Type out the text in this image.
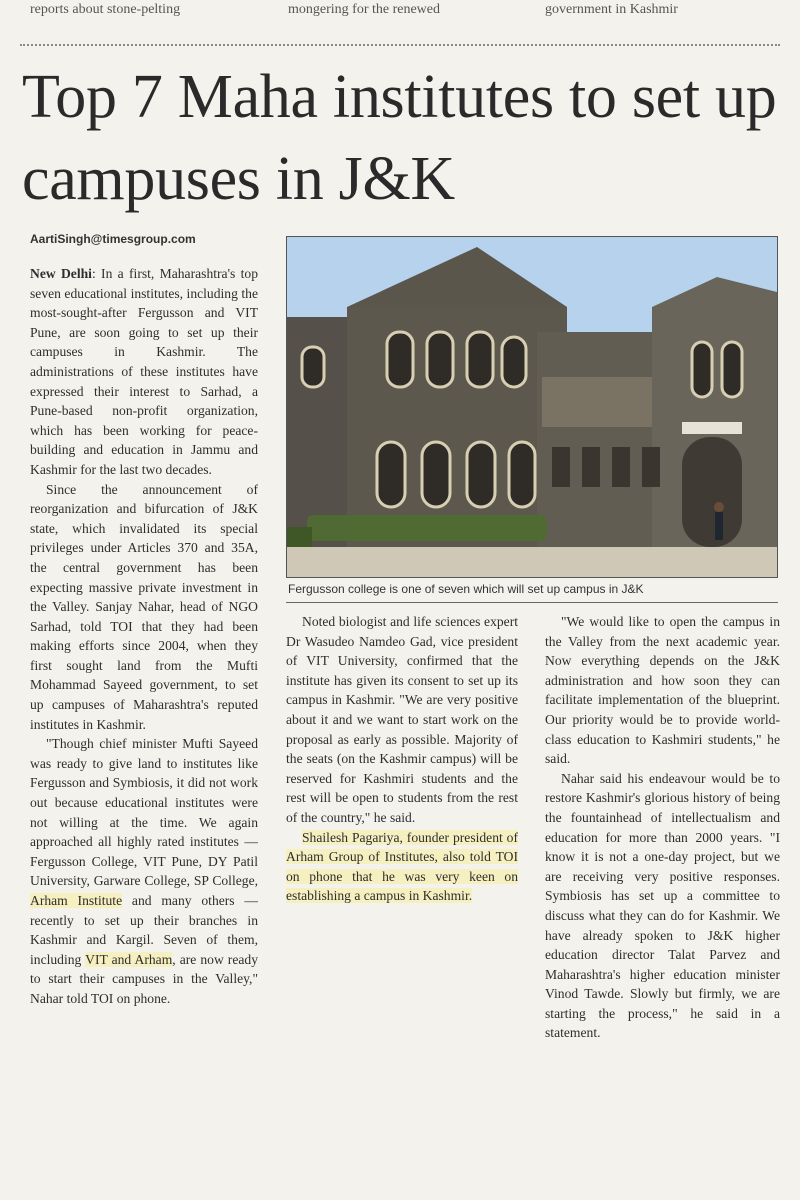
reports about stone-pelting	mongering for the renewed	government in Kashmir
Top 7 Maha institutes to set up campuses in J&K
AartiSingh@timesgroup.com

New Delhi: In a first, Maharashtra's top seven educational institutes, including the most-sought-after Fergusson and VIT Pune, are soon going to set up their campuses in Kashmir. The administrations of these institutes have expressed their interest to Sarhad, a Pune-based non-profit organization, which has been working for peace-building and education in Jammu and Kashmir for the last two decades.

Since the announcement of reorganization and bifurcation of J&K state, which invalidated its special privileges under Articles 370 and 35A, the central government has been expecting massive private investment in the Valley. Sanjay Nahar, head of NGO Sarhad, told TOI that they had been making efforts since 2004, when they first sought land from the Mufti Mohammad Sayeed government, to set up campuses of Maharashtra's reputed institutes in Kashmir.

"Though chief minister Mufti Sayeed was ready to give land to institutes like Fergusson and Symbiosis, it did not work out because educational institutes were not willing at the time. We again approached all highly rated institutes — Fergusson College, VIT Pune, DY Patil University, Garware College, SP College, Arham Institute and many others — recently to set up their branches in Kashmir and Kargil. Seven of them, including VIT and Arham, are now ready to start their campuses in the Valley," Nahar told TOI on phone.

Fergusson college is one of seven which will set up campus in J&K

Noted biologist and life sciences expert Dr Wasudeo Namdeo Gad, vice president of VIT University, confirmed that the institute has given its consent to set up its campus in Kashmir. "We are very positive about it and we want to start work on the proposal as early as possible. Majority of the seats (on the Kashmir campus) will be reserved for Kashmiri students and the rest will be open to students from the rest of the country," he said.

Shailesh Pagariya, founder president of Arham Group of Institutes, also told TOI on phone that he was very keen on establishing a campus in Kashmir.

"We would like to open the campus in the Valley from the next academic year. Now everything depends on the J&K administration and how soon they can facilitate implementation of the blueprint. Our priority would be to provide world-class education to Kashmiri students," he said.

Nahar said his endeavour would be to restore Kashmir's glorious history of being the fountainhead of intellectualism and education for more than 2000 years. "I know it is not a one-day project, but we are receiving very positive responses. Symbiosis has set up a committee to discuss what they can do for Kashmir. We have already spoken to J&K higher education director Talat Parvez and Maharashtra's higher education minister Vinod Tawde. Slowly but firmly, we are starting the process," he said in a statement.
